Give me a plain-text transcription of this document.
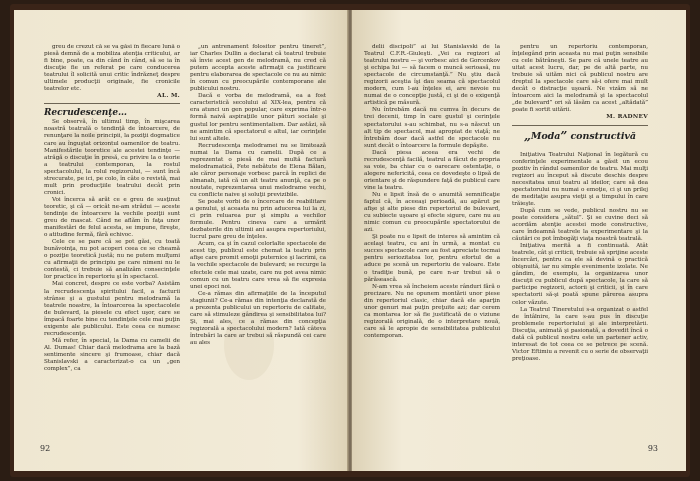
greu de crezut că se va găsi în fiecare lună o piesă demnă de a mobiliza atenţia criticului, ar fi bine, poate, ca din când în când, să se ia în discuţie fie un referat pe care conducerea teatrului îl solicită unui critic îndrăzneţ despre ultimele producţii originale, fie cronicile teatrelor etc.

AL. M.

Recrudescenţe…

Se observă, în ultimul timp, în mişcarea noastră teatrală o tendinţă de întoarcere, de renunţare la noile principii, la poziţii dogmatice care au înguştat orizontul oamenilor de teatru. Manifestările teoretice ale acestei tendinţe — atrăgă o discuţie în presă, cu privire la o teorie a teatrului contemporan, la rostul spectacolului, la rolul regizorului, — sunt încă strecurate, pe ici, pe colo, în câte o revistă, mai mult prin producţiile teatrului decât prin cronici.

Voi încerca să arăt ce e greu de susţinut teoretic, şi că — oricât ne-am strădui — aceste tendinţe de întoarcere la vechile poziţii sunt greu de mascat. Când ne aflăm în faţa unor manifestări de felul acesta, se impune, fireşte, o atitudine fermă, fără echivoc.

Cele ce se pare că se pot găsi, cu toată bunăvoinţa, nu pot acoperi ceea ce se cheamă o poziţie teoretică justă; nu ne putem mulţumi cu afirmaţii de principiu pe care nimeni nu le contestă, ci trebuie să analizăm consecinţele lor practice în repertoriu şi în spectacol.

Mai concret, despre ce este vorba? Asistăm la recrudescenţa spiritului facil, a facturii strânse şi a gustului pentru melodramă la teatrele noastre, la întoarcerea la spectacolele de bulevard, la piesele cu efect uşor, care se împacă foarte bine cu tendinţele cele mai puţin exigente ale publicului. Este ceea ce numesc recrudescenţe.

Mă refer, în special, la Dama cu camelii de Al. Dumas! Chiar dacă melodrama are la bază sentimente sincere şi frumoase, chiar dacă Stanislavski a caracterizat-o ca un „gen complex”, ca

„un antrenament folositor pentru tineret”, iar Charles Dullin a declarat că teatrul trebuie să învie acest gen de melodramă, nu cred că putem accepta aceste afirmaţii ca justificare pentru elaborarea de spectacole ce nu au nimic în comun cu preocupările contemporane ale publicului nostru.

Dacă e vorba de melodramă, ea a fost caracteristică secolului al XIX-lea, pentru că era atunci un gen popular, care exprima într-o formă naivă aspiraţiile unor pături sociale şi gustul lor pentru sentimentalism. Dar astăzi, să ne amintim că spectatorul e altul, iar cerinţele lui sunt altele.

Recrudescenţa melodramei nu se limitează numai la Dama cu camelii. După ce a reprezentat o piesă de mai multă factură melodramatică, Fete nebătute de Elena Bălan, ale căror personaje vorbesc parcă în replici de almanah, iată că un alt teatru anunţă, ca pe o noutate, reprezentarea unui melodrame vechi, cu conflicte naive şi soluţii previzibile.

Se poate vorbi de o încercare de reabilitare a genului, şi aceasta nu prin aducerea lui la zi, ci prin reluarea pur şi simplu a vechilor formule. Pentru cineva care a urmărit dezbaterile din ultimii ani asupra repertoriului, lucrul pare greu de înţeles.

Acum, ca şi în cazul celorlalte spectacole de acest tip, publicul este chemat la teatru prin afişe care promit emoţii puternice şi lacrimi, ca la vechile spectacole de bulevard; se recurge la efectele cele mai uzate, care nu pot avea nimic comun cu un teatru care vrea să fie expresia unei epoci noi.

Ce-a rămas din afirmaţiile de la începutul stagiunii? Ce-a rămas din intenţia declarată de a prezenta publicului un repertoriu de calitate, care să stimuleze gândirea şi sensibilitatea lui? Şi, mai ales, ce a rămas din concepţia regizorală a spectacolului modern? Iată câteva întrebări la care ar trebui să răspundă cei care au ales

92

delii discipoli” ai lui Stanislavski de la Teatrul C.F.R.-Giuleşti. „Vei ca regizori al teatrului nostru — şi vorbesc aici de Gorcenkov şi echipa lui — să facem o muncă serioasă, nu spectacole de circumstanţă.” Nu ştiu dacă regizorii aceştia îşi dau seama că spectacolul modern, cum l-au înţeles ei, are nevoie nu numai de o concepţie justă, ci şi de o exigenţă artistică pe măsură.

Nu întrebăm dacă nu cumva în decurs de trei decenii, timp în care gustul şi cerinţele spectatorului s-au schimbat, nu s-a născut un alt tip de spectacol, mai apropiat de viaţă; ne întrebăm doar dacă astfel de spectacole nu sunt decât o întoarcere la formule depăşite.

Dacă piesa aceea era vechi de recrudescenţă facilă, teatrul a făcut de propria sa voie, ba chiar cu o oarecare ostentaţie, o alegere nefericită, ceea ce dovedeşte o lipsă de orientare şi de răspundere faţă de publicul care vine la teatru.

Nu e lipsit însă de o anumită semnificaţie faptul că, în aceeaşi perioadă, au apărut pe afişe şi alte piese din repertoriul de bulevard, cu subiecte uşoare şi efecte sigure, care nu au nimic comun cu preocupările spectatorului de azi.

Şi poate nu e lipsit de interes să amintim că acelaşi teatru, cu ani în urmă, a montat cu succes spectacole care au fost apreciate tocmai pentru seriozitatea lor, pentru efortul de a aduce pe scenă un repertoriu de valoare. Este o tradiţie bună, pe care n-ar trebui să o părăsească.

N-am vrea să încheiem aceste rânduri fără o precizare. Nu ne opunem montării unor piese din repertoriul clasic, chiar dacă ele aparţin unor genuri mai puţin preţuite azi; dar cerem ca montarea lor să fie justificată de o viziune regizorală originală, de o interpretare nouă, care să le apropie de sensibilitatea publicului contemporan.

pentru un repertoriu contemporan, înţelegând prin aceasta nu mai puţin sensibile cu cele bătrâneşti. Se pare că unele teatre au uitat acest lucru, dar, pe de altă parte, nu trebuie să uităm nici că publicul nostru are dreptul la spectacole care să-i ofere mai mult decât o distracţie uşoară. Ne vizăm să ne întoarcem aici la melodramă şi la spectacolul „de bulevard” ori să lăsăm ca acest „altădată” poate fi sortit uitării.

M. RADNEV

„Moda” constructivă

Iniţiativa Teatrului Naţional în legătură cu conferinţele experimentale a găsit un ecou pozitiv în rândul oamenilor de teatru. Mai mulţi regizori au început să discute deschis despre necesitatea unui teatru al ideilor, care să dea spectatorului nu numai o emoţie, ci şi un prilej de meditaţie asupra vieţii şi a timpului în care trăieşte.

După cum se vede, publicul nostru nu se poate considera „sătul”. Şi se cuvine deci să acordăm atenţie acestei mode constructive, care îndeamnă teatrele la experimentare şi la căutări ce pot îmbogăţi viaţa noastră teatrală.

Iniţiativa merită a fi continuată. Atât teatrele, cât şi criticii, trebuie să sprijine aceste încercări, pentru ca ele să devină o practică obişnuită, iar nu simple evenimente izolate. Ne gândim, de exemplu, la organizarea unor discuţii cu publicul după spectacole, la care să participe regizorii, actorii şi criticii, şi în care spectatorii să-şi poată spune părerea asupra celor văzute.

La Teatrul Tineretului s-a organizat o astfel de întâlnire, la care s-au pus în discuţie problemele repertoriului şi ale interpretării. Discuţia, animată şi pasionată, a dovedit încă o dată că publicul nostru este un partener activ, interesat de tot ceea ce se petrece pe scenă. Victor Eftimiu a revenit cu o serie de observaţii preţioase.

93
